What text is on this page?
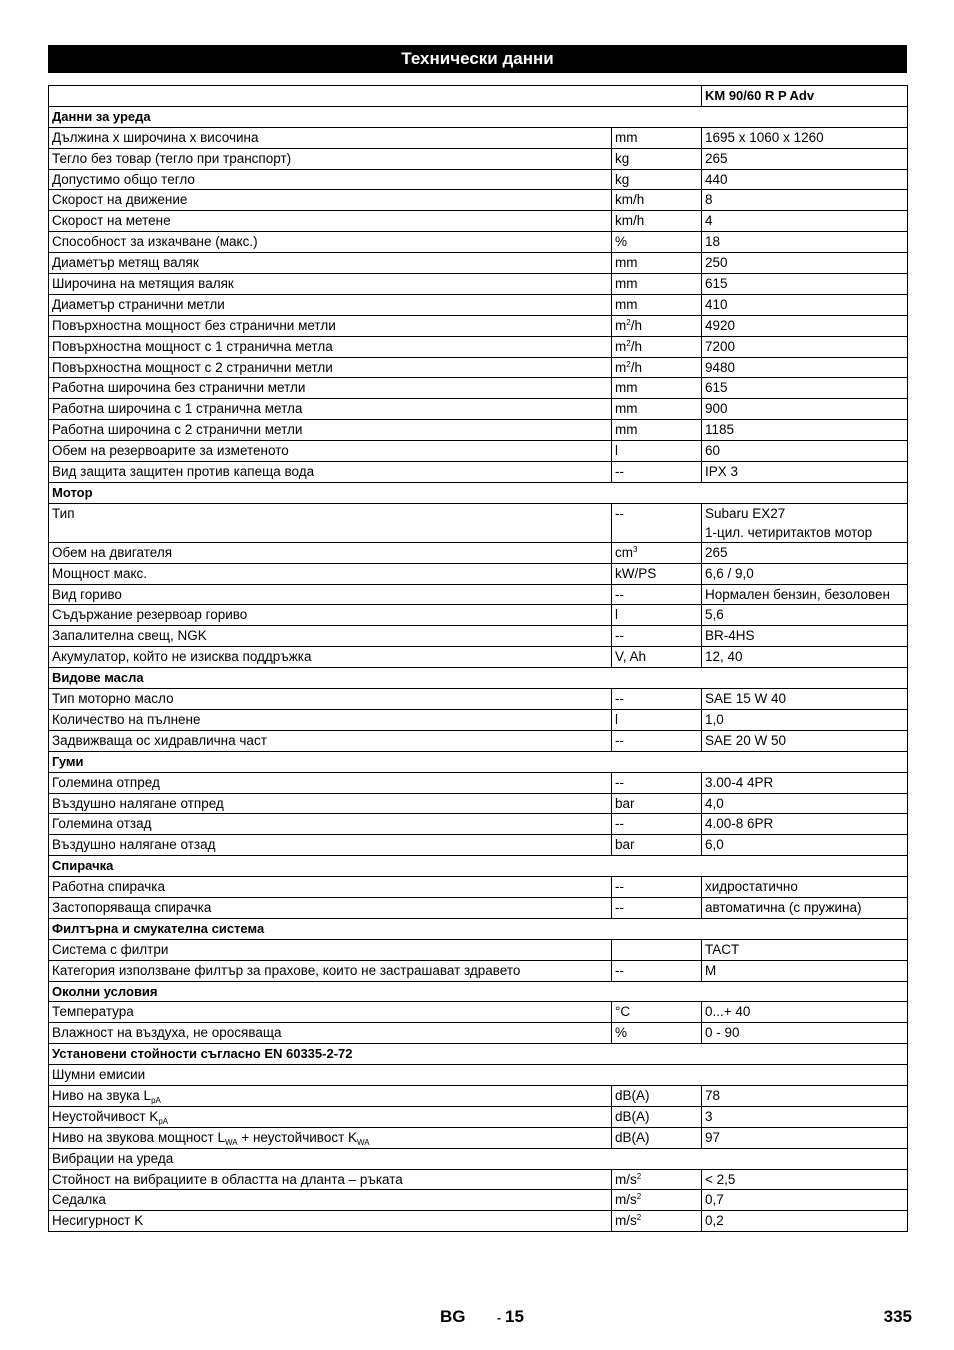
Технически данни
		KM 90/60 R P Adv
Данни за уреда		
Дължина х широчина х височина	mm	1695 x 1060 x 1260
Тегло без товар (тегло при транспорт)	kg	265
Допустимо общо тегло	kg	440
Скорост на движение	km/h	8
Скорост на метене	km/h	4
Способност за изкачване (макс.)	%	18
Диаметър метящ валяк	mm	250
Широчина на метящия валяк	mm	615
Диаметър странични метли	mm	410
Повърхностна мощност без странични метли	$m^2/h$	4920
Повърхностна мощност с 1 странична метла	$m^2/h$	7200
Повърхностна мощност с 2 странични метли	$m^2/h$	9480
Работна широчина без странични метли	mm	615
Работна широчина с 1 странична метла	mm	900
Работна широчина с 2 странични метли	mm	1185
Обем на резервоарите за изметеното	l	60
Вид защита защитен против капеща вода	--	IPX 3
Мотор		
Тип	--	Subaru EX27
1-цил. четиритактов мотор

Обем на двигателя	$cm^3$	265
Мощност макс.	kW/PS	6,6 / 9,0
Вид гориво	--	Нормален бензин, безоловен
Съдържание резервоар гориво	l	5,6
Запалителна свещ, NGK	--	BR-4HS
Акумулатор, който не изисква поддръжка	V, Ah	12, 40
Видове масла		
Тип моторно масло	--	SAE 15 W 40
Количество на пълнене	l	1,0
Задвижваща ос хидравлична част	--	SAE 20 W 50
Гуми		
Големина отпред	--	3.00-4 4PR
Въздушно налягане отпред	bar	4,0
Големина отзад	--	4.00-8 6PR
Въздушно налягане отзад	bar	6,0
Спирачка		
Работна спирачка	--	хидростатично
Застопоряваща спирачка	--	автоматична (с пружина)
Филтърна и смукателна система		
Система с филтри		TACT
Категория използване филтър за прахове, които не застрашават здравето	--	M
Околни условия		
Температура	°C	0...+ 40
Влажност на въздуха, не оросяваща	%	0 - 90
Установени стойности съгласно EN 60335-2-72		
Шумни емисии		
Ниво на звука $L_{pA}$	dB(A)	78
Неустойчивост $K_{pA}$	dB(A)	3
Ниво на звукова мощност $L_{WA}$ + неустойчивост $K_{WA}$	dB(A)	97
Вибрации на уреда		
Стойност на вибрациите в областта на дланта – ръката	$m/s^2$	< 2,5
Седалка	$m/s^2$	0,7
Несигурност K	$m/s^2$	0,2
BG	- 15	335
